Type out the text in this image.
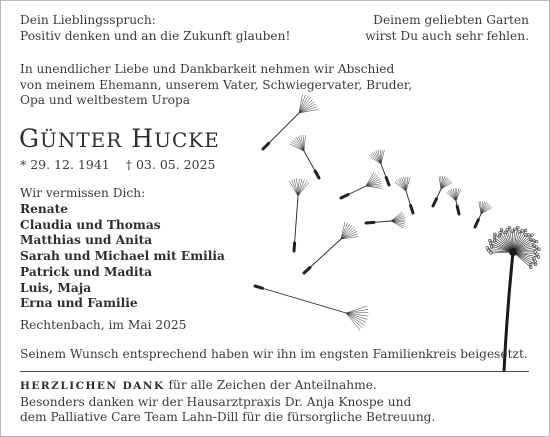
Dein Lieblingsspruch:
Positiv denken und an die Zukunft glauben!
Deinem geliebten Garten
wirst Du auch sehr fehlen.
In unendlicher Liebe und Dankbarkeit nehmen wir Abschied
von meinem Ehemann, unserem Vater, Schwiegervater, Bruder,
Opa und weltbestem Uropa
GÜNTER HUCKE
* 29. 12. 1941 † 03. 05. 2025
Wir vermissen Dich:
Renate
Claudia und Thomas
Matthias und Anita
Sarah und Michael mit Emilia
Patrick und Madita
Luis, Maja
Erna und Familie
Rechtenbach, im Mai 2025
Seinem Wunsch entsprechend haben wir ihn im engsten Familienkreis beigesetzt.
HERZLICHEN DANK für alle Zeichen der Anteilnahme.
Besonders danken wir der Hausarztpraxis Dr. Anja Knospe und
dem Palliative Care Team Lahn-Dill für die fürsorgliche Betreuung.
